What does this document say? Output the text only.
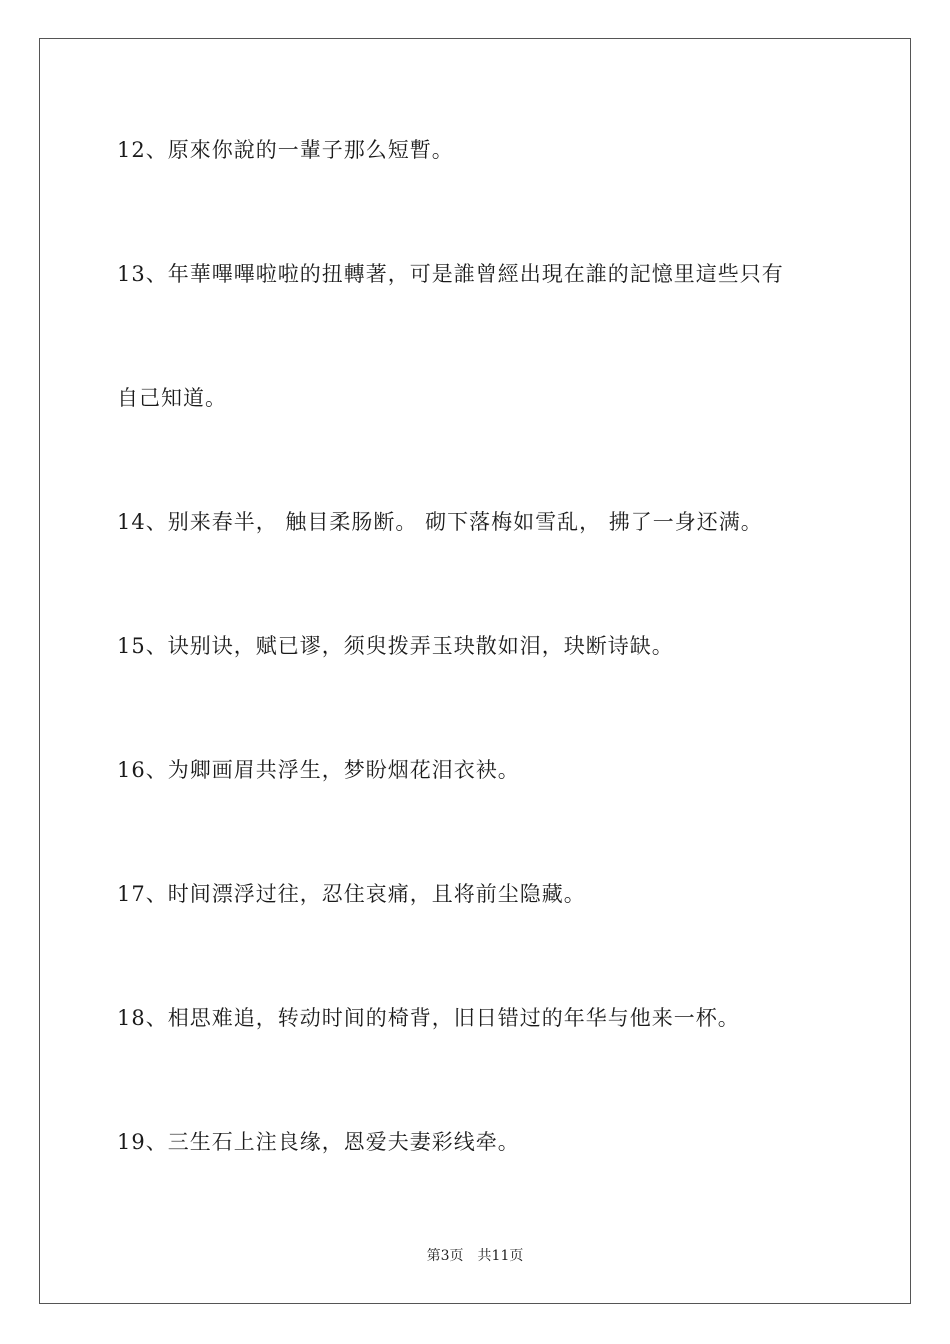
12、原來你說的一輩子那么短暫。
13、年華嗶嗶啦啦的扭轉著，可是誰曾經出現在誰的記憶里這些只有
自己知道。
14、别来春半， 触目柔肠断。 砌下落梅如雪乱， 拂了一身还满。
15、诀别诀，赋已谬，须臾拨弄玉玦散如泪，玦断诗缺。
16、为卿画眉共浮生，梦盼烟花泪衣袂。
17、时间漂浮过往，忍住哀痛，且将前尘隐藏。
18、相思难追，转动时间的椅背，旧日错过的年华与他来一杯。
19、三生石上注良缘，恩爱夫妻彩线牵。
第3页 共11页
